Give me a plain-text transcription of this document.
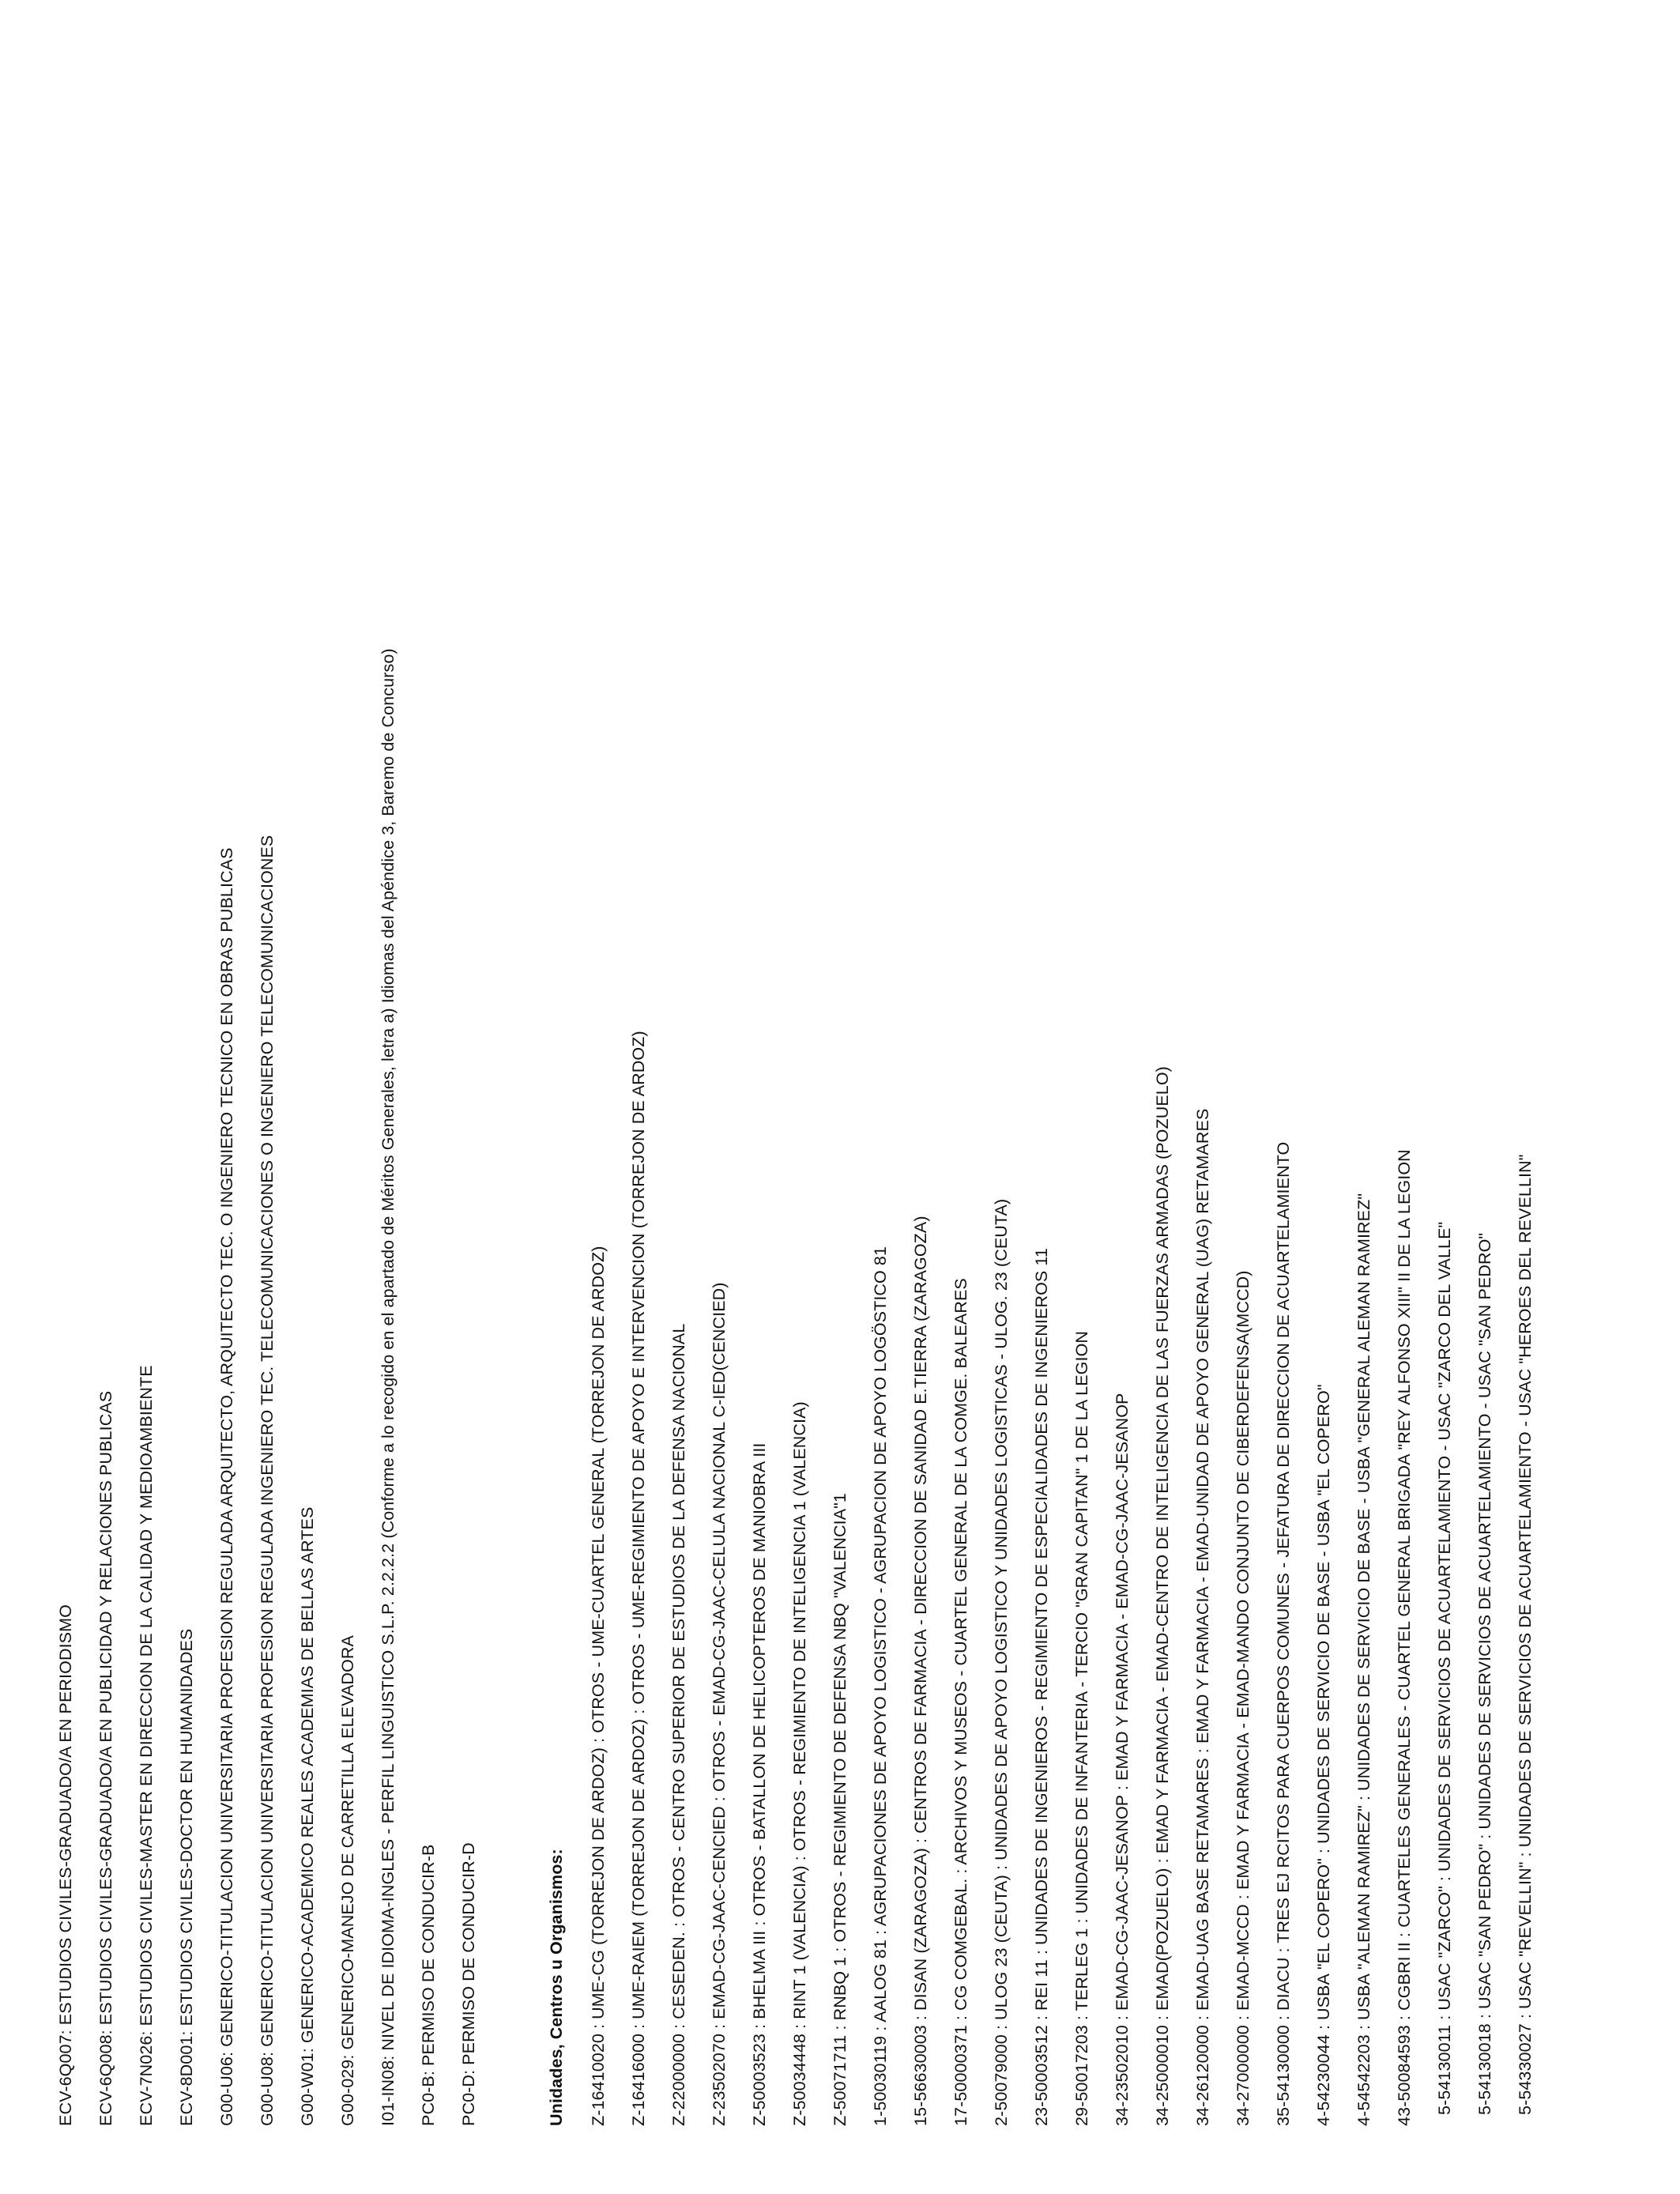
ECV-6Q007: ESTUDIOS CIVILES-GRADUADO/A EN PERIODISMO ECV-6Q008: ESTUDIOS CIVILES-GRADUADO/A EN PUBLICIDAD Y RELACIONES PUBLICAS ECV-7N026: ESTUDIOS CIVILES-MASTER EN DIRECCION DE LA CALIDAD Y MEDIOAMBIENTE ECV-8D001: ESTUDIOS CIVILES-DOCTOR EN HUMANIDADES G00-U06: GENERICO-TITULACION UNIVERSITARIA PROFESION REGULADA ARQUITECTO, ARQUITECTO TEC. O INGENIERO TECNICO EN OBRAS PUBLICAS G00-U08: GENERICO-TITULACION UNIVERSITARIA PROFESION REGULADA INGENIERO TEC. TELECOMUNICACIONES O INGENIERO TELECOMUNICACIONES G00-W01: GENERICO-ACADEMICO REALES ACADEMIAS DE BELLAS ARTES G00-029: GENERICO-MANEJO DE CARRETILLA ELEVADORA I01-IN08: NIVEL DE IDIOMA-INGLES - PERFIL LINGUISTICO S.L.P. 2.2.2.2 (Conforme a lo recogido en el apartado de Méritos Generales, letra a) Idiomas del Apéndice 3, Baremo de Concurso) PC0-B: PERMISO DE CONDUCIR-B PC0-D: PERMISO DE CONDUCIR-D	Unidades, Centros u Organismos: Z-16410020 : UME-CG (TORREJON DE ARDOZ) : OTROS - UME-CUARTEL GENERAL (TORREJON DE ARDOZ) Z-16416000 : UME-RAIEM (TORREJON DE ARDOZ) : OTROS - UME-REGIMIENTO DE APOYO E INTERVENCION (TORREJON DE ARDOZ) Z-22000000 : CESEDEN. : OTROS - CENTRO SUPERIOR DE ESTUDIOS DE LA DEFENSA NACIONAL Z-23502070 : EMAD-CG-JAAC-CENCIED : OTROS - EMAD-CG-JAAC-CELULA NACIONAL C-IED(CENCIED) Z-50003523 : BHELMA III : OTROS - BATALLON DE HELICOPTEROS DE MANIOBRA III Z-50034448 : RINT 1 (VALENCIA) : OTROS - REGIMIENTO DE INTELIGENCIA 1 (VALENCIA) Z-50071711 : RNBQ 1 : OTROS - REGIMIENTO DE DEFENSA NBQ "VALENCIA"1 1-50030119 : AALOG 81 : AGRUPACIONES DE APOYO LOGISTICO - AGRUPACION DE APOYO LOGÖSTICO 81 15-56630003 : DISAN (ZARAGOZA) : CENTROS DE FARMACIA - DIRECCION DE SANIDAD E.TIERRA (ZARAGOZA) 17-50000371 : CG COMGEBAL. : ARCHIVOS Y MUSEOS - CUARTEL GENERAL DE LA COMGE. BALEARES 2-50079000 : ULOG 23 (CEUTA) : UNIDADES DE APOYO LOGISTICO Y UNIDADES LOGISTICAS - ULOG. 23 (CEUTA) 23-50003512 : REI 11 : UNIDADES DE INGENIEROS - REGIMIENTO DE ESPECIALIDADES DE INGENIEROS 11 29-50017203 : TERLEG 1 : UNIDADES DE INFANTERIA - TERCIO "GRAN CAPITAN" 1 DE LA LEGION 34-23502010 : EMAD-CG-JAAC-JESANOP : EMAD Y FARMACIA - EMAD-CG-JAAC-JESANOP 34-25000010 : EMAD(POZUELO) : EMAD Y FARMACIA - EMAD-CENTRO DE INTELIGENCIA DE LAS FUERZAS ARMADAS (POZUELO) 34-26120000 : EMAD-UAG BASE RETAMARES : EMAD Y FARMACIA - EMAD-UNIDAD DE APOYO GENERAL (UAG) RETAMARES 34-27000000 : EMAD-MCCD : EMAD Y FARMACIA - EMAD-MANDO CONJUNTO DE CIBERDEFENSA(MCCD) 35-54130000 : DIACU : TRES EJ RCITOS PARA CUERPOS COMUNES - JEFATURA DE DIRECCION DE ACUARTELAMIENTO 4-54230044 : USBA "EL COPERO" : UNIDADES DE SERVICIO DE BASE - USBA "EL COPERO" 4-54542203 : USBA "ALEMAN RAMIREZ" : UNIDADES DE SERVICIO DE BASE - USBA "GENERAL ALEMAN RAMIREZ" 43-50084593 : CGBRI II : CUARTELES GENERALES - CUARTEL GENERAL BRIGADA "REY ALFONSO XIII" II DE LA LEGION 5-54130011 : USAC "ZARCO" : UNIDADES DE SERVICIOS DE ACUARTELAMIENTO - USAC "ZARCO DEL VALLE" 5-54130018 : USAC "SAN PEDRO" : UNIDADES DE SERVICIOS DE ACUARTELAMIENTO - USAC "SAN PEDRO" 5-54330027 : USAC "REVELLIN" : UNIDADES DE SERVICIOS DE ACUARTELAMIENTO - USAC "HEROES DEL REVELLIN"
